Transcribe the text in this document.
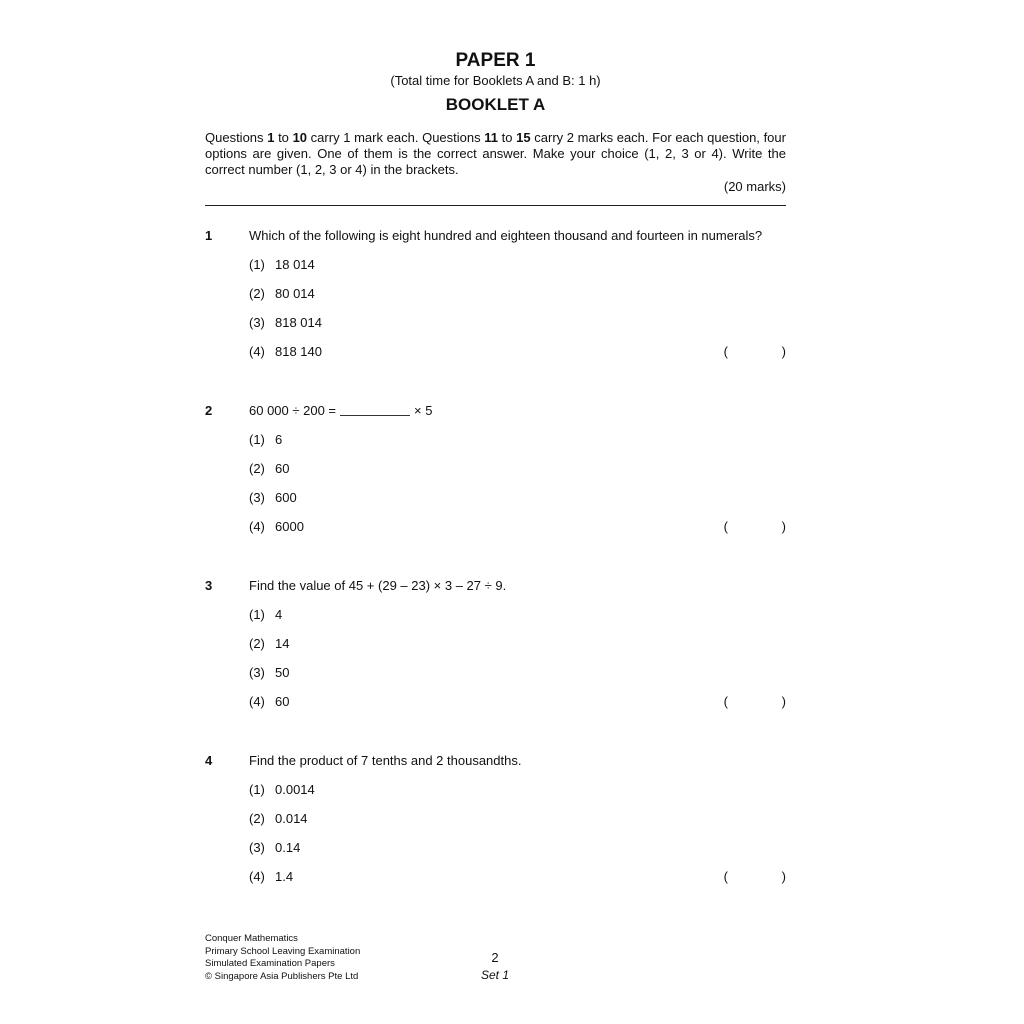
PAPER 1
(Total time for Booklets A and B: 1 h)
BOOKLET A
Questions 1 to 10 carry 1 mark each. Questions 11 to 15 carry 2 marks each. For each question, four options are given. One of them is the correct answer. Make your choice (1, 2, 3 or 4). Write the correct number (1, 2, 3 or 4) in the brackets.
(20 marks)
1	Which of the following is eight hundred and eighteen thousand and fourteen in numerals?
(1) 18 014
(2) 80 014
(3) 818 014
(4) 818 140	(	)
2	60 000 ÷ 200 =	× 5
(1) 6
(2) 60
(3) 600
(4) 6000	(	)
3	Find the value of 45 + (29 – 23) × 3 – 27 ÷ 9.
(1) 4
(2) 14
(3) 50
(4) 60	(	)
4	Find the product of 7 tenths and 2 thousandths.
(1) 0.0014
(2) 0.014
(3) 0.14
(4) 1.4	(	)
Conquer Mathematics
Primary School Leaving Examination
Simulated Examination Papers
© Singapore Asia Publishers Pte Ltd
2
Set 1
